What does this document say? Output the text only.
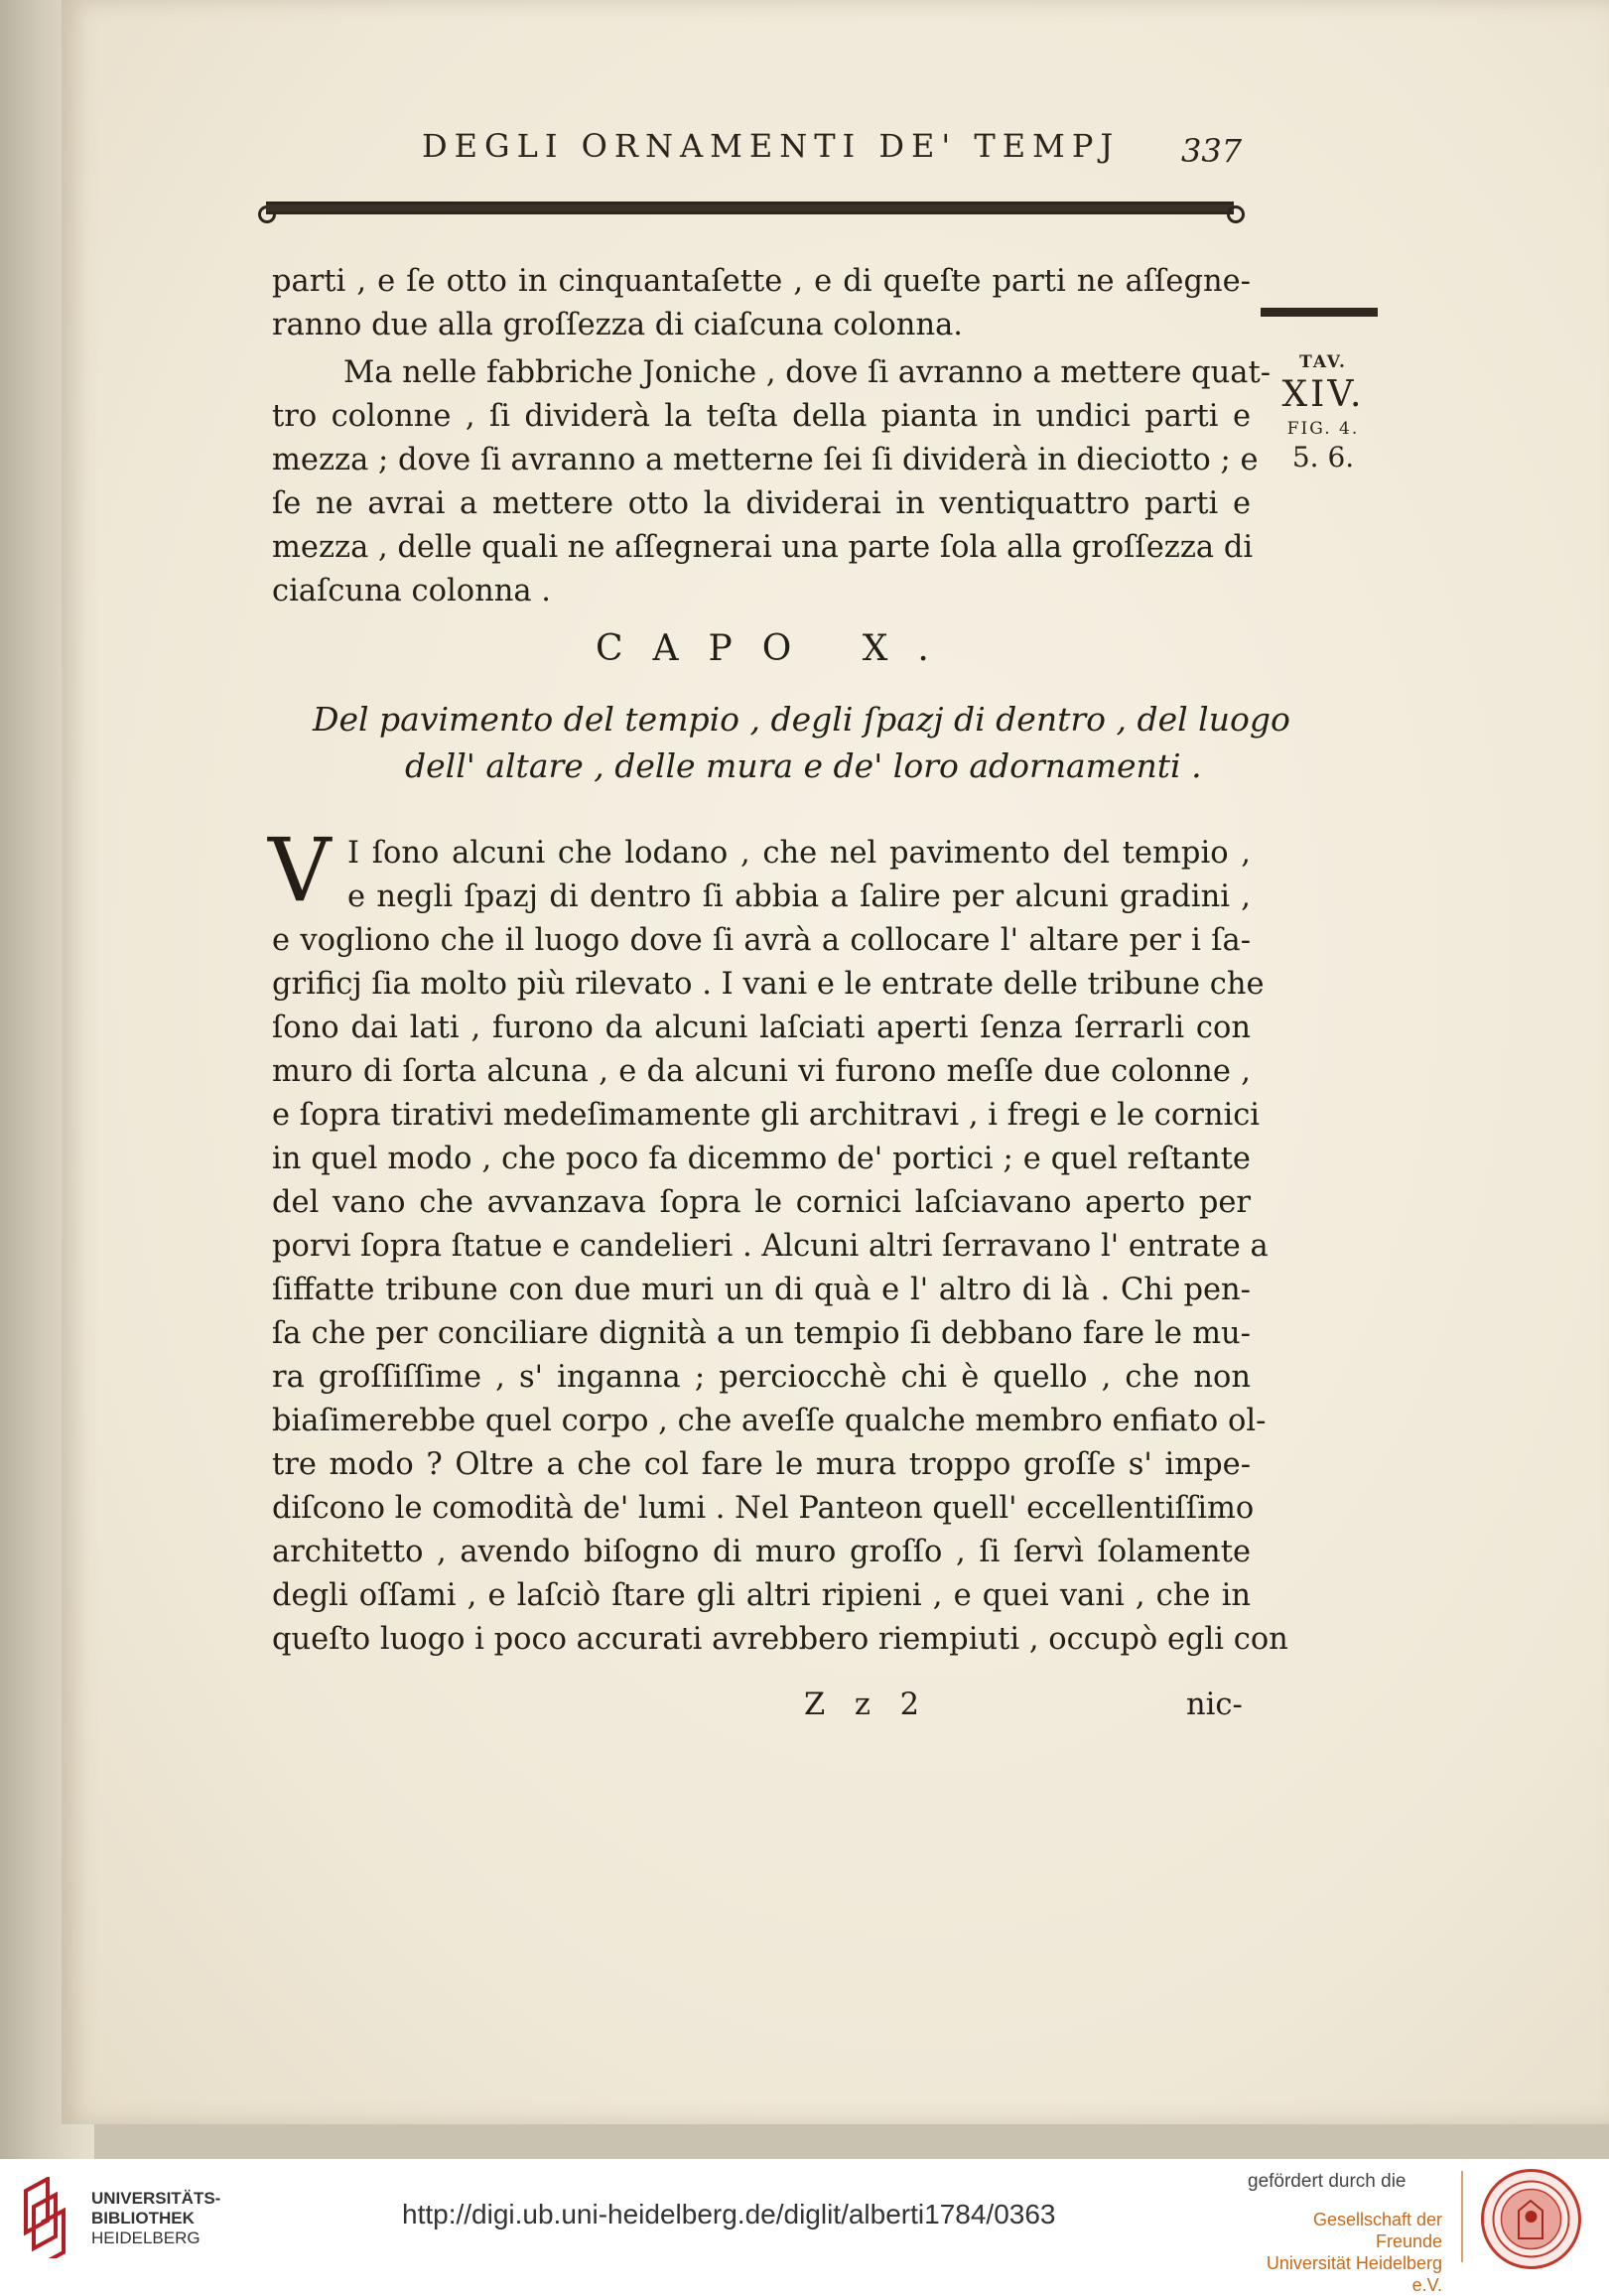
DEGLI ORNAMENTI DE' TEMPJ 337
TAV.
XIV.
FIG. 4.
5. 6.
parti , e ſe otto in cinquantaſette , e di queſte parti ne aſſegne-
ranno due alla groſſezza di ciaſcuna colonna.
Ma nelle fabbriche Joniche , dove ſi avranno a mettere quat-
tro colonne , ſi dividerà la teſta della pianta in undici parti e
mezza ; dove ſi avranno a metterne ſei ſi dividerà in dieciotto ; e
ſe ne avrai a mettere otto la dividerai in ventiquattro parti e
mezza , delle quali ne aſſegnerai una parte ſola alla groſſezza di
ciaſcuna colonna .
CAPO X.
Del pavimento del tempio , degli ſpazj di dentro , del luogo
dell' altare , delle mura e de' loro adornamenti .
V I ſono alcuni che lodano , che nel pavimento del tempio ,
e negli ſpazj di dentro ſi abbia a ſalire per alcuni gradini ,
e vogliono che il luogo dove ſi avrà a collocare l' altare per i ſa-
grificj ſia molto più rilevato . I vani e le entrate delle tribune che
ſono dai lati , furono da alcuni laſciati aperti ſenza ſerrarli con
muro di ſorta alcuna , e da alcuni vi furono meſſe due colonne ,
e ſopra tirativi medeſimamente gli architravi , i fregi e le cornici
in quel modo , che poco fa dicemmo de' portici ; e quel reſtante
del vano che avvanzava ſopra le cornici laſciavano aperto per
porvi ſopra ſtatue e candelieri . Alcuni altri ſerravano l' entrate a
ſiffatte tribune con due muri un di quà e l' altro di là . Chi pen-
ſa che per conciliare dignità a un tempio ſi debbano fare le mu-
ra groſſiſſime , s' inganna ; perciocchè chi è quello , che non
biaſimerebbe quel corpo , che aveſſe qualche membro enfiato ol-
tre modo ? Oltre a che col fare le mura troppo groſſe s' impe-
diſcono le comodità de' lumi . Nel Panteon quell' eccellentiſſimo
architetto , avendo biſogno di muro groſſo , ſi ſervì ſolamente
degli oſſami , e laſciò ſtare gli altri ripieni , e quei vani , che in
queſto luogo i poco accurati avrebbero riempiuti , occupò egli con
Z z 2	nic-
UNIVERSITÄTS-
BIBLIOTHEK
HEIDELBERG
http://digi.ub.uni-heidelberg.de/diglit/alberti1784/0363
gefördert durch die
Gesellschaft der Freunde
Universität Heidelberg e.V.
